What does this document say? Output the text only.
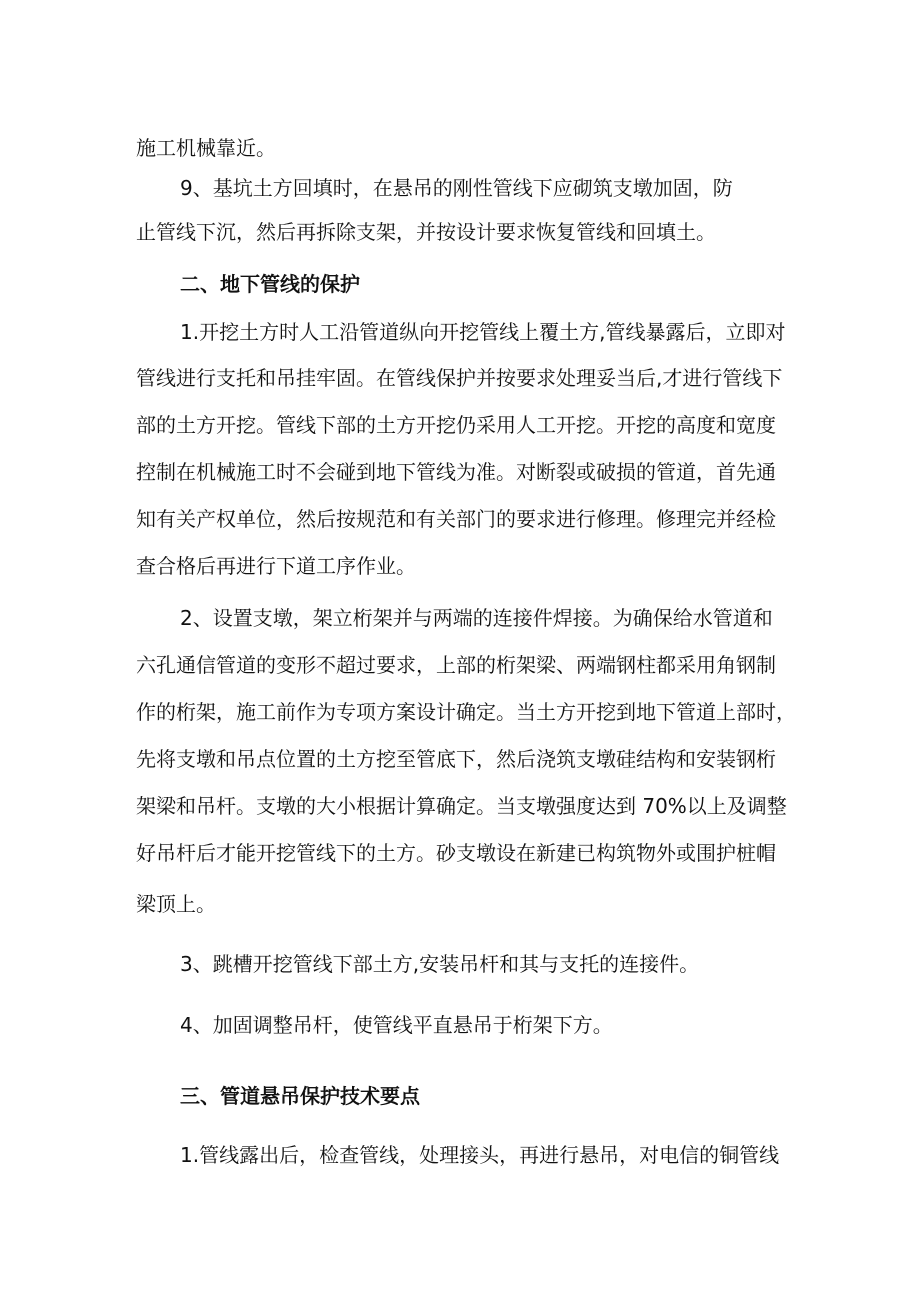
施工机械靠近。
9、基坑土方回填时，在悬吊的刚性管线下应砌筑支墩加固，防
止管线下沉，然后再拆除支架，并按设计要求恢复管线和回填土。
二、地下管线的保护
1.开挖土方时人工沿管道纵向开挖管线上覆土方,管线暴露后，立即对
管线进行支托和吊挂牢固。在管线保护并按要求处理妥当后,才进行管线下
部的土方开挖。管线下部的土方开挖仍采用人工开挖。开挖的高度和宽度
控制在机械施工时不会碰到地下管线为准。对断裂或破损的管道，首先通
知有关产权单位，然后按规范和有关部门的要求进行修理。修理完并经检
查合格后再进行下道工序作业。
2、设置支墩，架立桁架并与两端的连接件焊接。为确保给水管道和
六孔通信管道的变形不超过要求，上部的桁架梁、两端钢柱都采用角钢制
作的桁架，施工前作为专项方案设计确定。当土方开挖到地下管道上部时，
先将支墩和吊点位置的土方挖至管底下，然后浇筑支墩硅结构和安装钢桁
架梁和吊杆。支墩的大小根据计算确定。当支墩强度达到 70%以上及调整
好吊杆后才能开挖管线下的土方。砂支墩设在新建已构筑物外或围护桩帽
梁顶上。
3、跳槽开挖管线下部土方,安装吊杆和其与支托的连接件。
4、加固调整吊杆，使管线平直悬吊于桁架下方。
三、管道悬吊保护技术要点
1.管线露出后，检查管线，处理接头，再进行悬吊，对电信的铜管线
